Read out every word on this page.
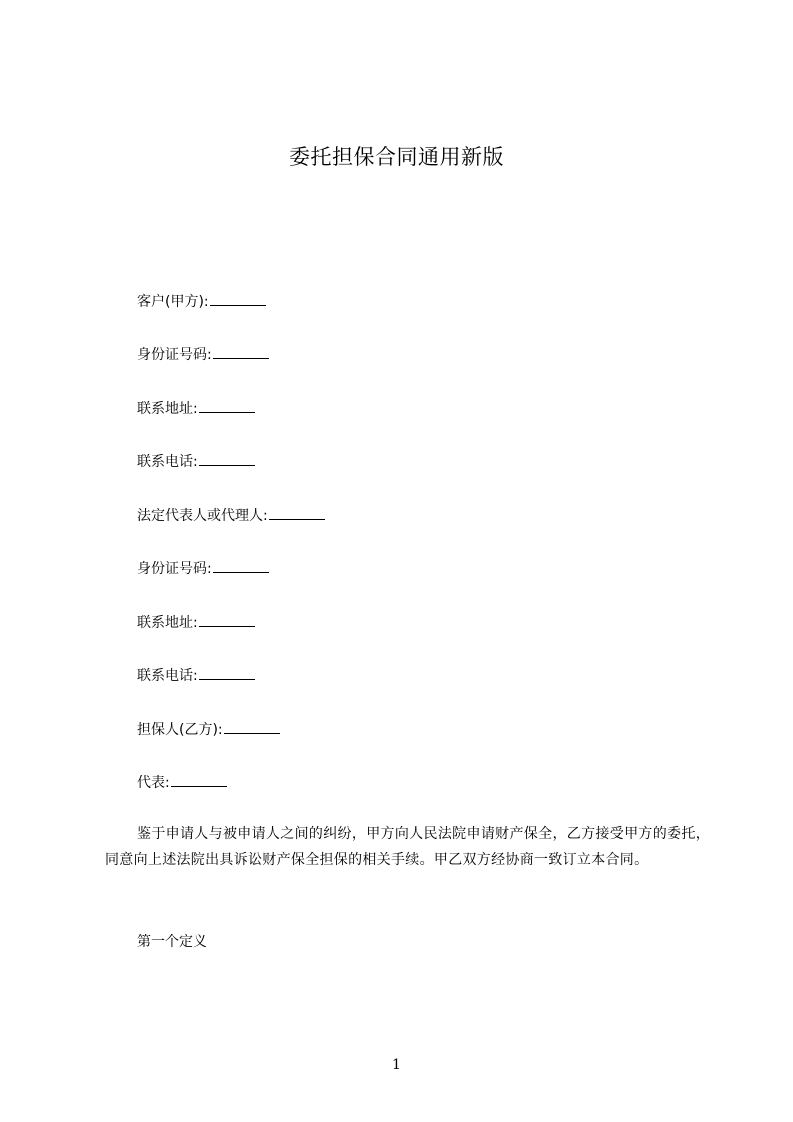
委托担保合同通用新版
客户(甲方):
身份证号码:
联系地址:
联系电话:
法定代表人或代理人:
身份证号码:
联系地址:
联系电话:
担保人(乙方):
代表:
鉴于申请人与被申请人之间的纠纷，甲方向人民法院申请财产保全，乙方接受甲方的委托，同意向上述法院出具诉讼财产保全担保的相关手续。甲乙双方经协商一致订立本合同。
第一个定义
1
